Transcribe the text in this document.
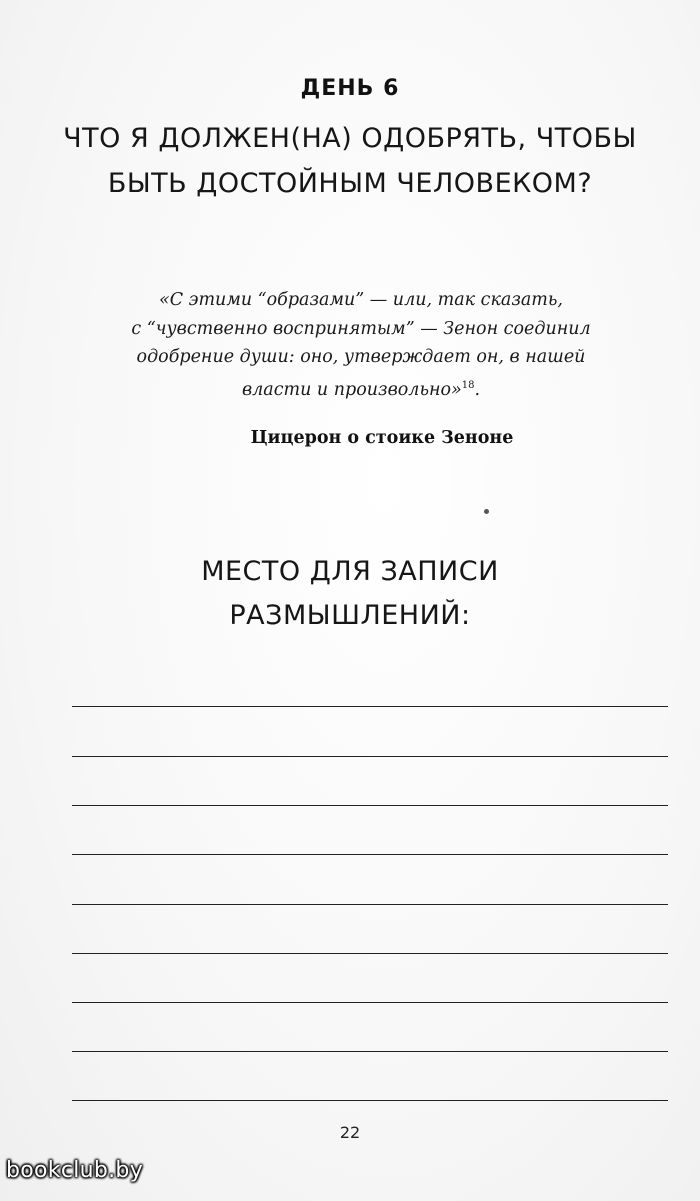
ДЕНЬ 6
ЧТО Я ДОЛЖЕН(НА) ОДОБРЯТЬ, ЧТОБЫ
БЫТЬ ДОСТОЙНЫМ ЧЕЛОВЕКОМ?
«С этими “образами” — или, так сказать,
с “чувственно воспринятым” — Зенон соединил
одобрение души: оно, утверждает он, в нашей
власти и произвольно»$^{18}$.
Цицерон о стоике Зеноне
МЕСТО ДЛЯ ЗАПИСИ
РАЗМЫШЛЕНИЙ:
22
bookclub.by
